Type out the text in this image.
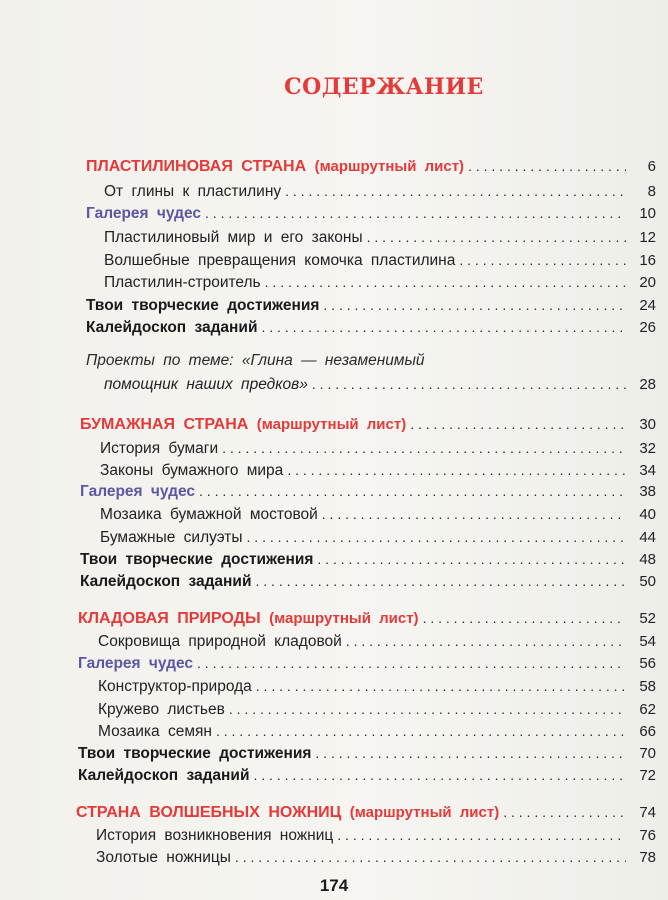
СОДЕРЖАНИЕ
ПЛАСТИЛИНОВАЯ СТРАНА (маршрутный лист) . . .	6
От глины к пластилину . . .	8
Галерея чудес . . .	10
Пластилиновый мир и его законы . . .	12
Волшебные превращения комочка пластилина . . .	16
Пластилин-строитель . . .	20
Твои творческие достижения . . .	24
Калейдоскоп заданий . . .	26
Проекты по теме: «Глина — незаменимый
помощник наших предков» . . .	28
БУМАЖНАЯ СТРАНА (маршрутный лист) . . .	30
История бумаги . . .	32
Законы бумажного мира . . .	34
Галерея чудес . . .	38
Мозаика бумажной мостовой . . .	40
Бумажные силуэты . . .	44
Твои творческие достижения . . .	48
Калейдоскоп заданий . . .	50
КЛАДОВАЯ ПРИРОДЫ (маршрутный лист) . . .	52
Сокровища природной кладовой . . .	54
Галерея чудес . . .	56
Конструктор-природа . . .	58
Кружево листьев . . .	62
Мозаика семян . . .	66
Твои творческие достижения . . .	70
Калейдоскоп заданий . . .	72
СТРАНА ВОЛШЕБНЫХ НОЖНИЦ (маршрутный лист) . . .	74
История возникновения ножниц . . .	76
Золотые ножницы . . .	78
174
